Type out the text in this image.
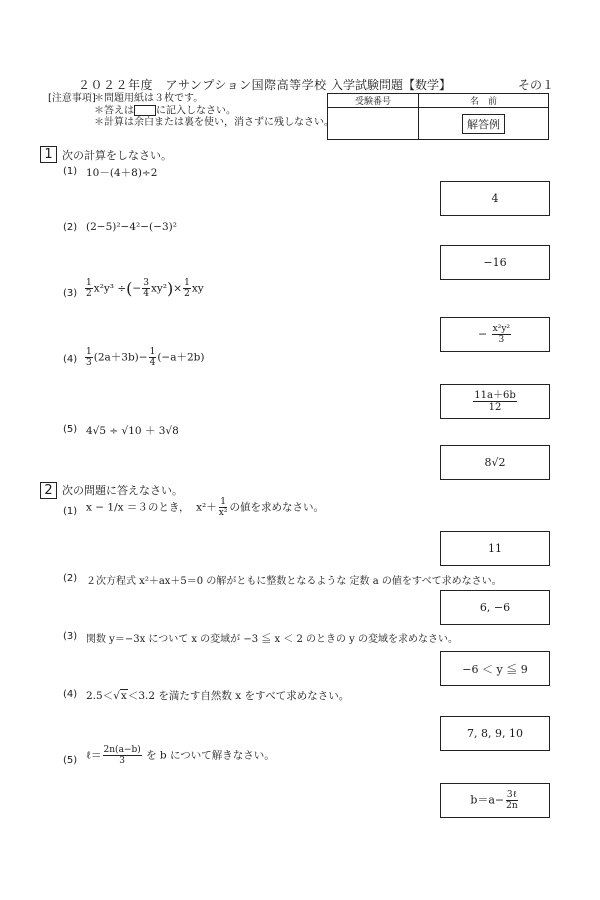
２０２２年度　アサンプション国際高等学校 入学試験問題【数学】	その１
[注意事項]
＊問題用紙は３枚です。
＊答えは に記入しなさい。
＊計算は余白または裏を使い，消さずに残しなさい。
受験番号	名　前
	解答例
1 次の計算をしなさい。
(1) 10－(4＋8)÷2
4
(2) (2−5)²−4²−(−3)²
−16
$(3) \frac{1}{2} x^2y^3$ ÷(− $\frac{3}{4} xy^2)\times \frac{1}{2}$ xy
− $\frac{\text{x²y²}}{3}$
$(4) \frac{1}{3} (2a+3b)- \frac{1}{4} (-a+2b)$
$\frac{11a+6b}{12}$
(5) 4√5 ÷ √10 ＋ 3√8
8√2
2 次の問題に答えなさい。
(1) x − 1/x ＝３のとき， $x^2+ \frac{1}{\text{x²}}$ の値を求めなさい。
11
(2) ２次方程式 x²＋ax＋5＝0 の解がともに整数となるような 定数 a の値をすべて求めなさい。
6, −6
(3) 関数 y＝−3x について x の変域が −3 ≦ x ＜ 2 のときの y の変域を求めなさい。
−6 ＜ y ≦ 9
(4) 2.5＜√x＜3.2 を満たす自然数 x をすべて求めなさい。
7, 8, 9, 10
(5) ℓ＝ $\frac{2n(a-b)}{3}$ を b について解きなさい。
$b=a- \frac{\text{3ℓ}}{2n}$
